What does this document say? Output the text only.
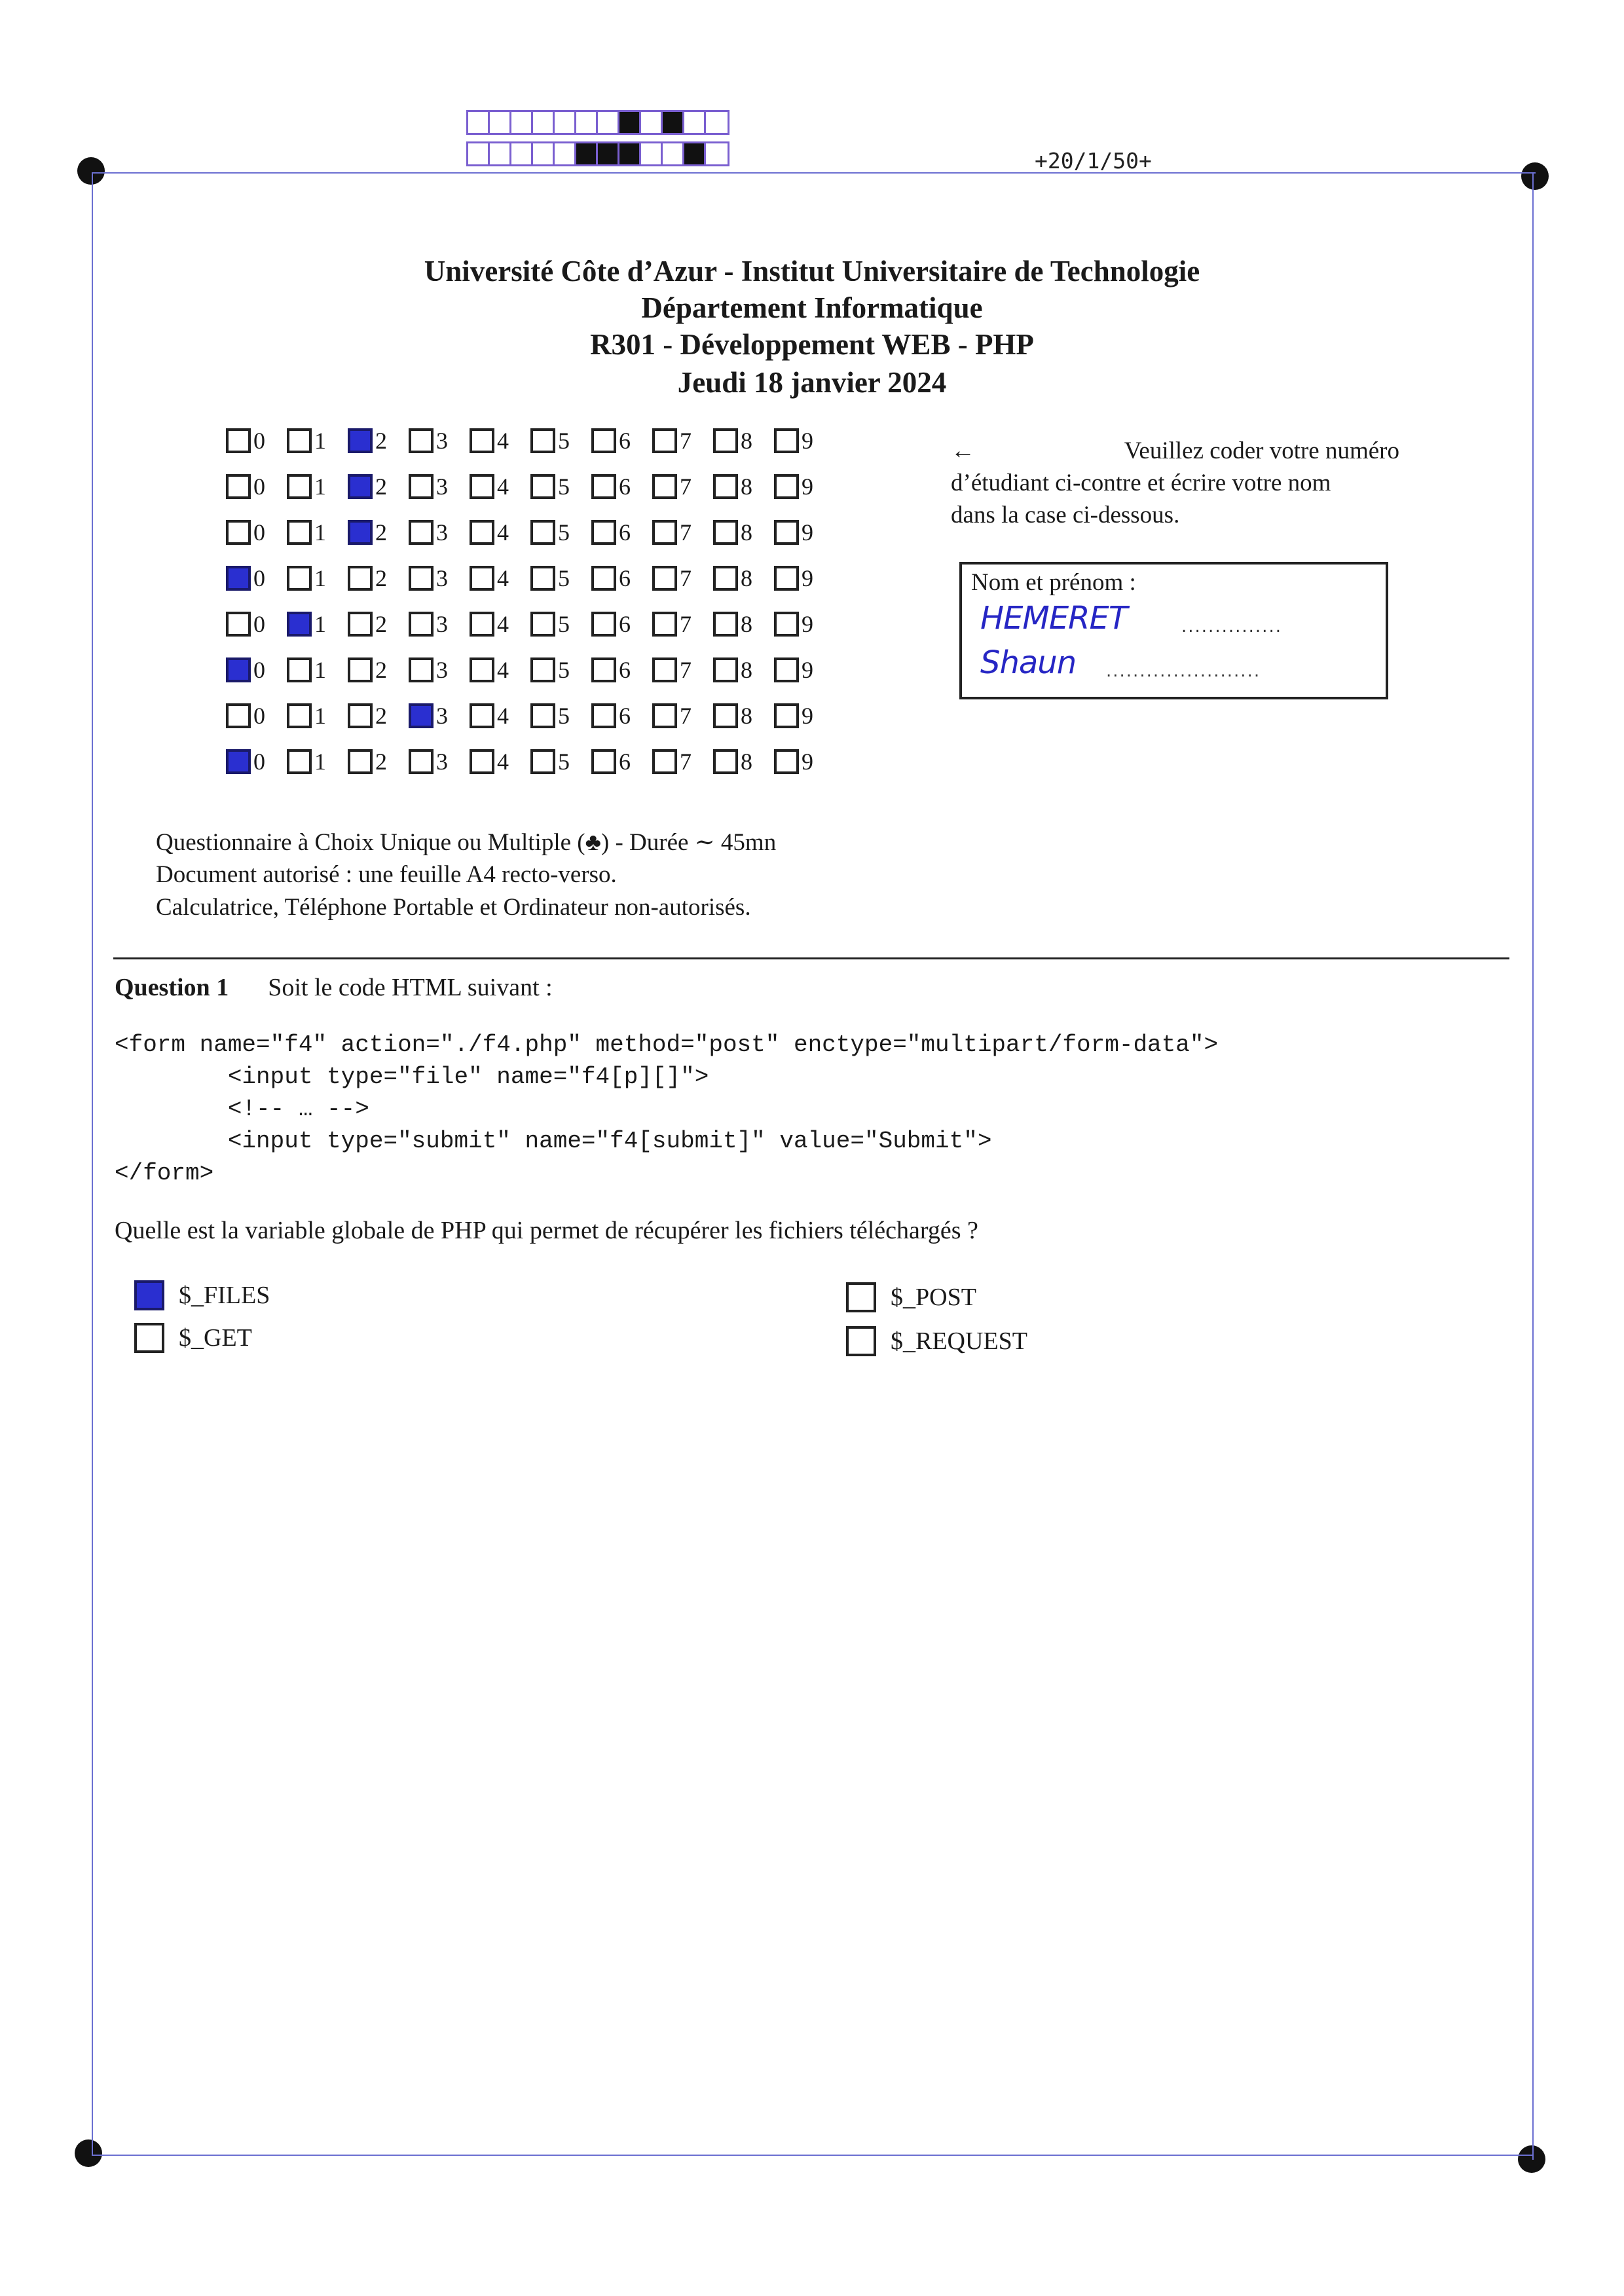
+20/1/50+
Université Côte d’Azur - Institut Universitaire de Technologie
Département Informatique
R301 - Développement WEB - PHP
Jeudi 18 janvier 2024
0 1 2 3 4 5 6 7 8 9
0 1 2 3 4 5 6 7 8 9
0 1 2 3 4 5 6 7 8 9
0 1 2 3 4 5 6 7 8 9
0 1 2 3 4 5 6 7 8 9
0 1 2 3 4 5 6 7 8 9
0 1 2 3 4 5 6 7 8 9
0 1 2 3 4 5 6 7 8 9
←	Veuillez coder votre numéro
d’étudiant ci-contre et écrire votre nom
dans la case ci-dessous.
Nom et prénom :
HEMERET	...............
Shaun .......................
Questionnaire à Choix Unique ou Multiple (♣) - Durée ∼ 45mn
Document autorisé : une feuille A4 recto-verso.
Calculatrice, Téléphone Portable et Ordinateur non-autorisés.
Question 1 Soit le code HTML suivant :
<form name="f4" action="./f4.php" method="post" enctype="multipart/form-data">
<input type="file" name="f4[p][]">
<!-- … -->
<input type="submit" name="f4[submit]" value="Submit">
</form>
Quelle est la variable globale de PHP qui permet de récupérer les fichiers téléchargés ?
$_FILES
$_GET
$_POST
$_REQUEST
